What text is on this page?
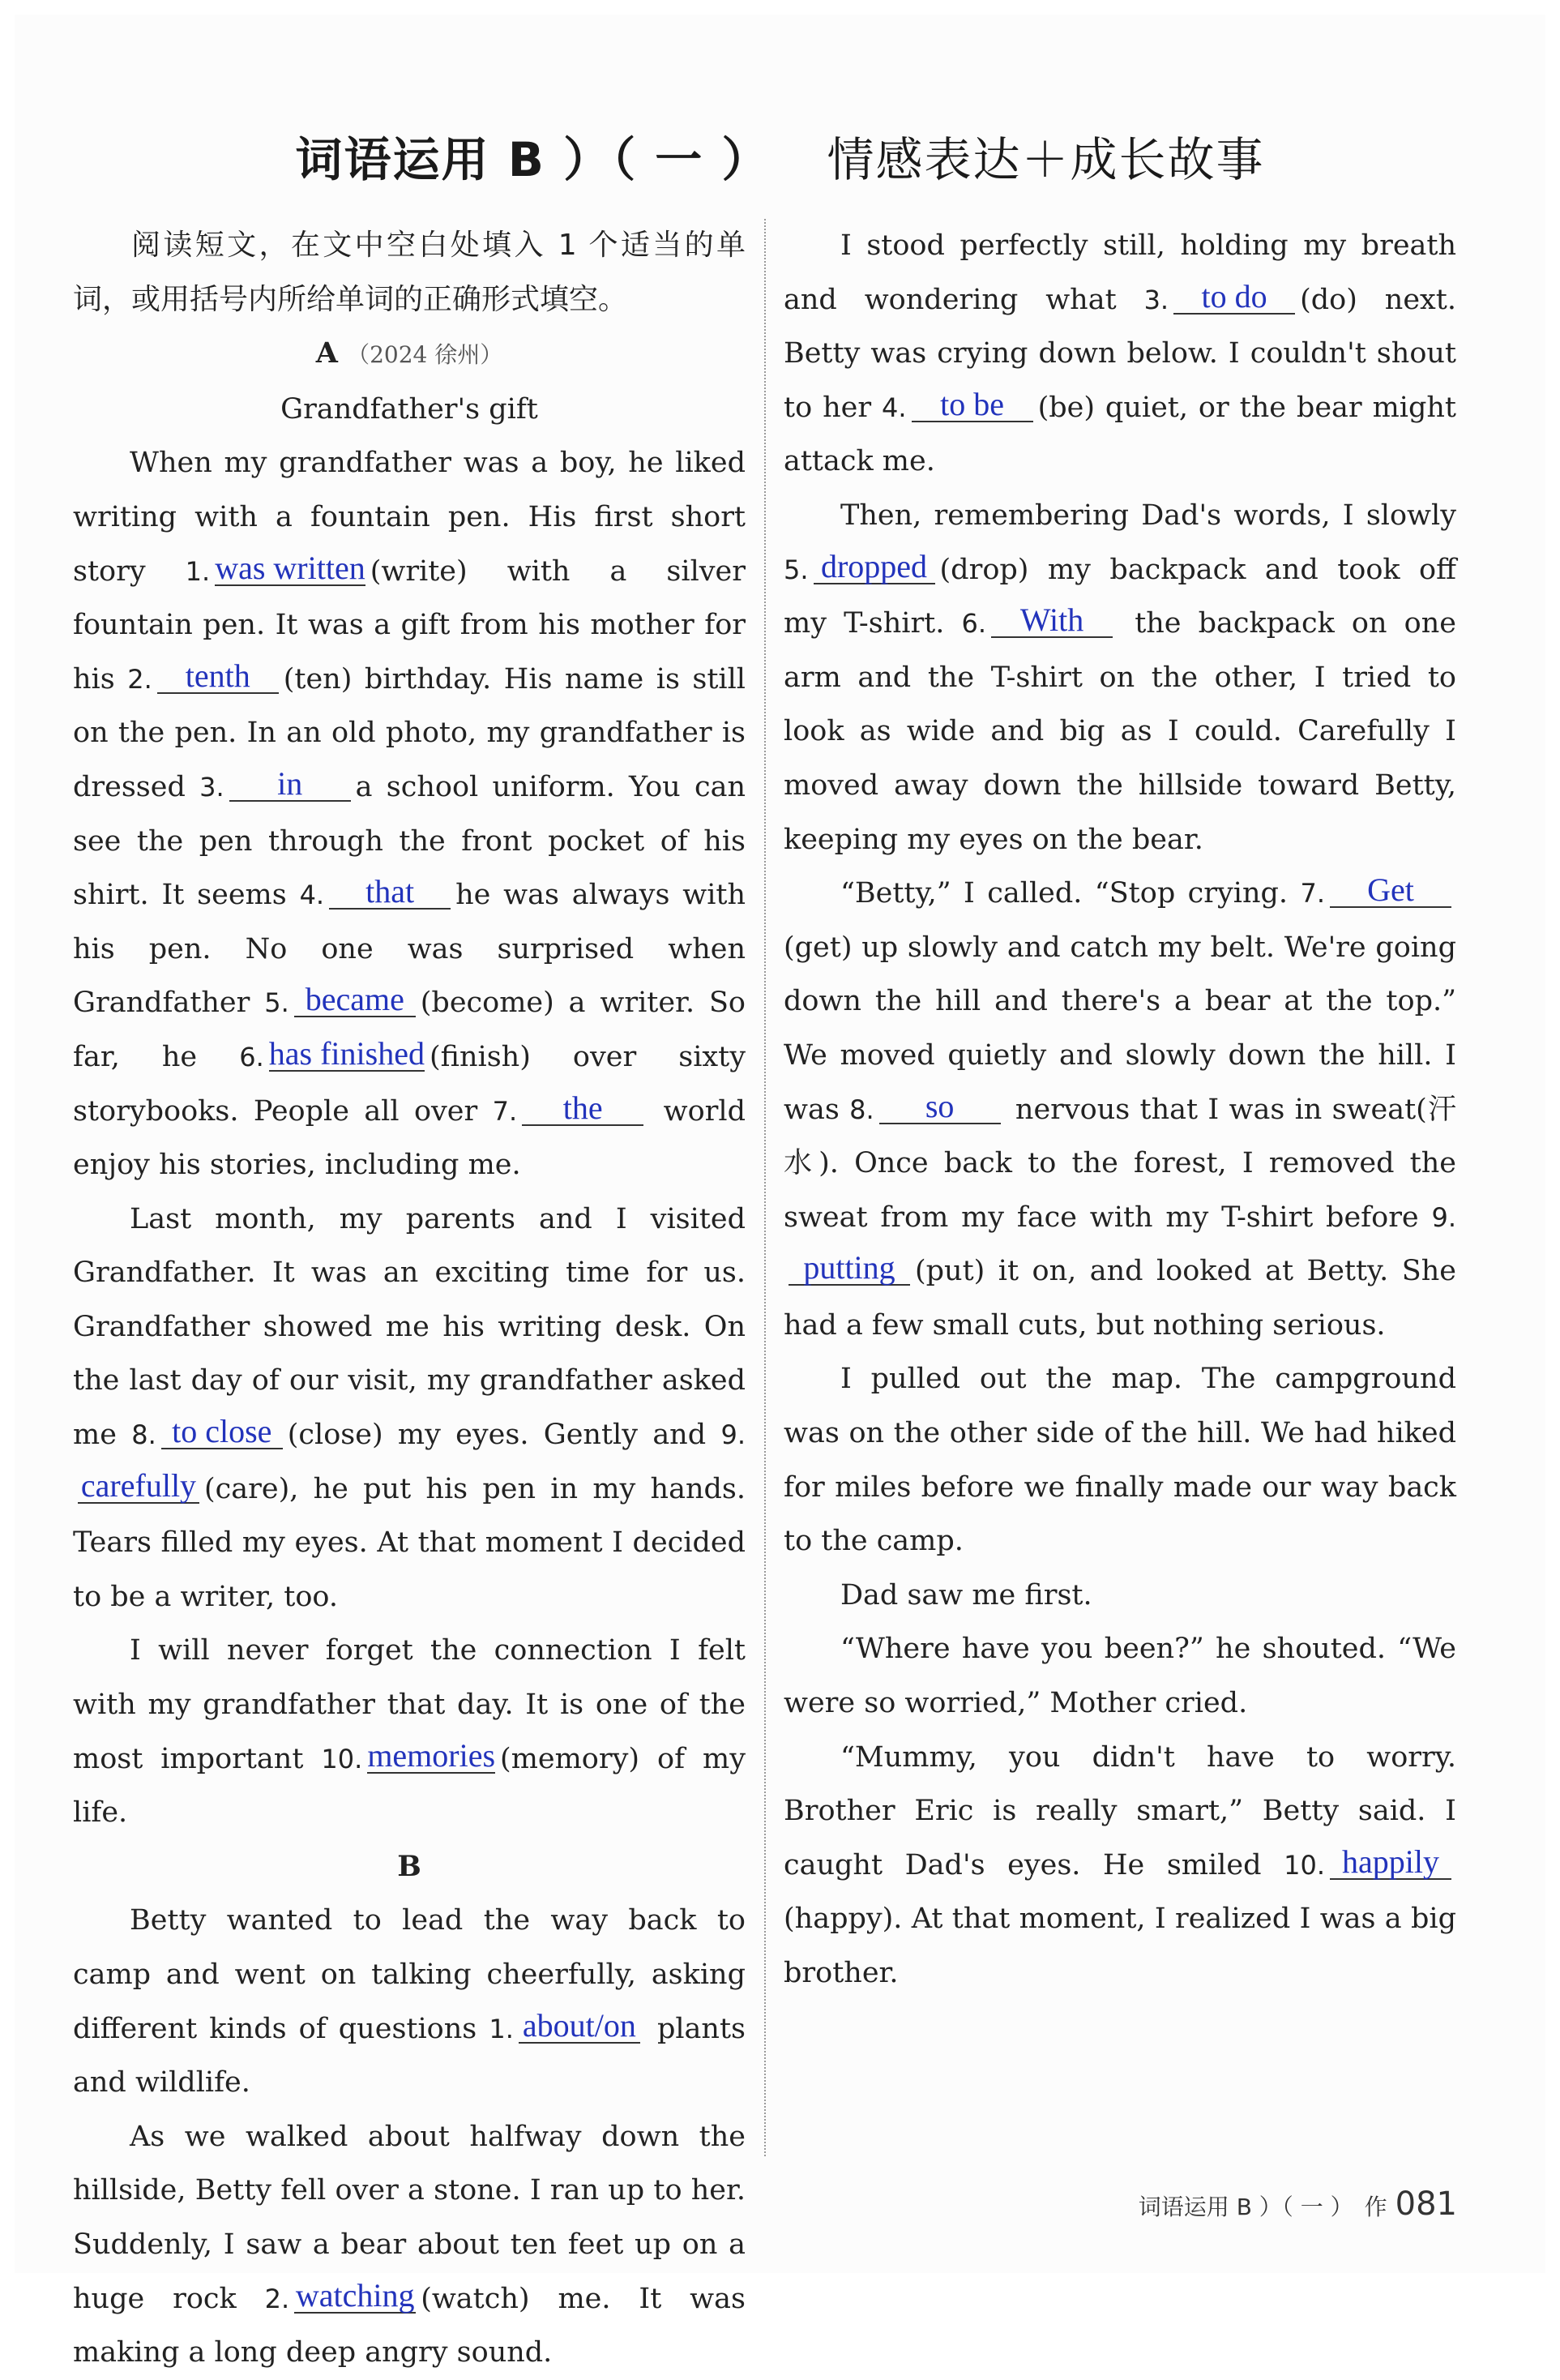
词语运用 B ）（ 一 ） 情感表达＋成长故事

阅读短文，在文中空白处填入 1 个适当的单词，或用括号内所给单词的正确形式填空。

A （2024 徐州）

Grandfather's gift

When my grandfather was a boy, he liked writing with a fountain pen. His first short story 1. was written (write) with a silver fountain pen. It was a gift from his mother for his 2. tenth (ten) birthday. His name is still on the pen. In an old photo, my grandfather is dressed 3. in a school uniform. You can see the pen through the front pocket of his shirt. It seems 4. that he was always with his pen. No one was surprised when Grandfather 5. became (become) a writer. So far, he 6. has finished (finish) over sixty storybooks. People all over 7. the world enjoy his stories, including me.

Last month, my parents and I visited Grandfather. It was an exciting time for us. Grandfather showed me his writing desk. On the last day of our visit, my grandfather asked me 8. to close (close) my eyes. Gently and 9.carefully (care), he put his pen in my hands. Tears filled my eyes. At that moment I decided to be a writer, too.

I will never forget the connection I felt with my grandfather that day. It is one of the most important 10. memories (memory) of my life.

B

Betty wanted to lead the way back to camp and went on talking cheerfully, asking different kinds of questions 1. about/on plants and wildlife.

As we walked about halfway down the hillside, Betty fell over a stone. I ran up to her. Suddenly, I saw a bear about ten feet up on a huge rock 2. watching (watch) me. It was making a long deep angry sound.

I stood perfectly still, holding my breath and wondering what 3. to do (do) next. Betty was crying down below. I couldn't shout to her 4. to be (be) quiet, or the bear might attack me.

Then, remembering Dad's words, I slowly 5. dropped (drop) my backpack and took off my T-shirt. 6. With the backpack on one arm and the T-shirt on the other, I tried to look as wide and big as I could. Carefully I moved away down the hillside toward Betty, keeping my eyes on the bear.

“Betty,” I called. “Stop crying. 7. Get(get) up slowly and catch my belt. We're going down the hill and there's a bear at the top.” We moved quietly and slowly down the hill. I was 8. so nervous that I was in sweat(汗水). Once back to the forest, I removed the sweat from my face with my T-shirt before 9.putting (put) it on, and looked at Betty. She had a few small cuts, but nothing serious.

I pulled out the map. The campground was on the other side of the hill. We had hiked for miles before we finally made our way back to the camp.

Dad saw me first.

“Where have you been?” he shouted. “We were so worried,” Mother cried.

“Mummy, you didn't have to worry. Brother Eric is really smart,” Betty said. I caught Dad's eyes. He smiled 10. happily(happy). At that moment, I realized I was a big brother.

词语运用 B ）（ 一 ）　 作 081
